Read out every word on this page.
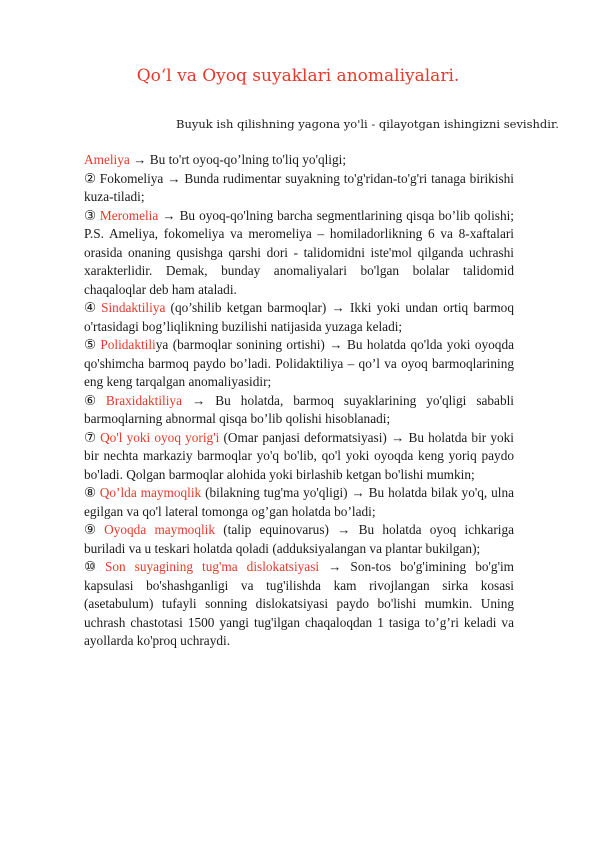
Qoʻl va Oyoq suyaklari anomaliyalari.
Buyuk ish qilishning yagona yo'li - qilayotgan ishingizni sevishdir.

Ameliya → Bu to'rt oyoq-qo’lning to'liq yo'qligi;

② Fokomeliya → Bunda rudimentar suyakning to'g'ridan-to'g'ri tanaga birikishi kuza-tiladi;

③ Meromelia → Bu oyoq-qo'lning barcha segmentlarining qisqa bo’lib qolishi; P.S. Ameliya, fokomeliya va meromeliya – homiladorlikning 6 va 8-xaftalari orasida onaning qusishga qarshi dori - talidomidni iste'mol qilganda uchrashi xarakterlidir. Demak, bunday anomaliyalari bo'lgan bolalar talidomid chaqaloqlar deb ham ataladi.

④ Sindaktiliya (qo’shilib ketgan barmoqlar) → Ikki yoki undan ortiq barmoq o'rtasidagi bog’liqlikning buzilishi natijasida yuzaga keladi;

⑤ Polidaktiliya (barmoqlar sonining ortishi) → Bu holatda qo'lda yoki oyoqda qo'shimcha barmoq paydo bo’ladi. Polidaktiliya – qo’l va oyoq barmoqlarining eng keng tarqalgan anomaliyasidir;

⑥ Braxidaktiliya → Bu holatda, barmoq suyaklarining yo'qligi sababli barmoqlarning abnormal qisqa bo’lib qolishi hisoblanadi;

⑦ Qo'l yoki oyoq yorig'i (Omar panjasi deformatsiyasi) → Bu holatda bir yoki bir nechta markaziy barmoqlar yo'q bo'lib, qo'l yoki oyoqda keng yoriq paydo bo'ladi. Qolgan barmoqlar alohida yoki birlashib ketgan bo'lishi mumkin;

⑧ Qo’lda maymoqlik (bilakning tug'ma yo'qligi) → Bu holatda bilak yo'q, ulna egilgan va qo'l lateral tomonga og’gan holatda bo’ladi;

⑨ Oyoqda maymoqlik (talip equinovarus) → Bu holatda oyoq ichkariga buriladi va u teskari holatda qoladi (adduksiyalangan va plantar bukilgan);

⑩ Son suyagining tug'ma dislokatsiyasi → Son-tos bo'g'imining bo'g'im kapsulasi bo'shashganligi va tug'ilishda kam rivojlangan sirka kosasi (asetabulum) tufayli sonning dislokatsiyasi paydo bo'lishi mumkin. Uning uchrash chastotasi 1500 yangi tug'ilgan chaqaloqdan 1 tasiga to’g’ri keladi va ayollarda ko'proq uchraydi.
